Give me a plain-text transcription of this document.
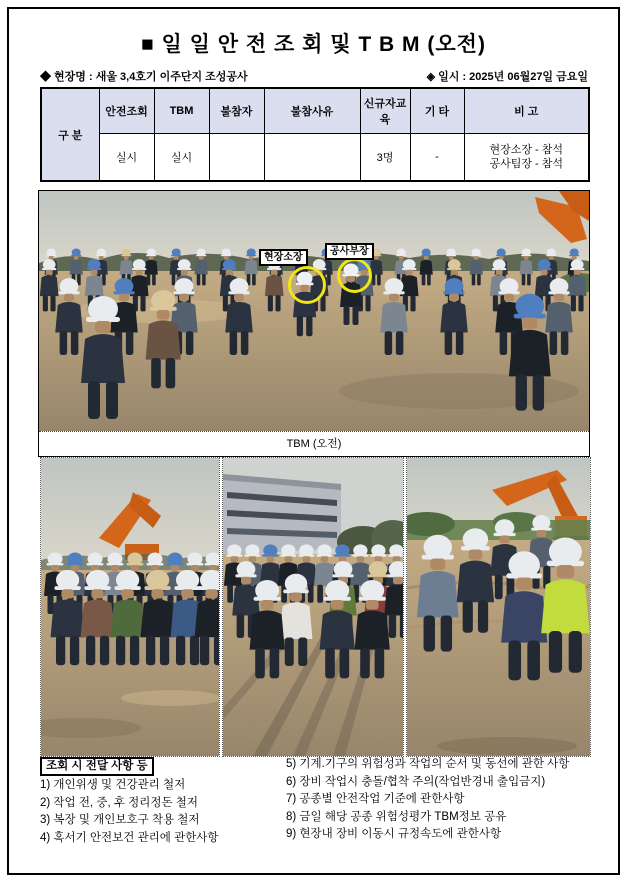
■ 일 일 안 전 조 회 및 T B M (오전)
◆ 현장명 : 새울 3,4호기 이주단지 조성공사	◈ 일시 : 2025년 06월27일 금요일
구 분	안전조회	TBM	불참자	불참사유	신규자교육	기 타	비 고
	실시	실시			3명	-	현장소장 - 참석
공사팀장 - 참석
현장소장
공사부장
TBM (오전)
조회 시 전달 사항 등
1) 개인위생 및 건강관리 철저
2) 작업 전, 중, 후 정리정돈 철저
3) 복장 및 개인보호구 착용 철저
4) 혹서기 안전보건 관리에 관한사항
5) 기계.기구의 위험성과 작업의 순서 및 동선에 관한 사항
6) 장비 작업시 충돌/협착 주의(작업반경내 출입금지)
7) 공종별 안전작업 기준에 관한사항
8) 금일 해당 공종 위험성평가 TBM정보 공유
9) 현장내 장비 이동시 규정속도에 관한사항
